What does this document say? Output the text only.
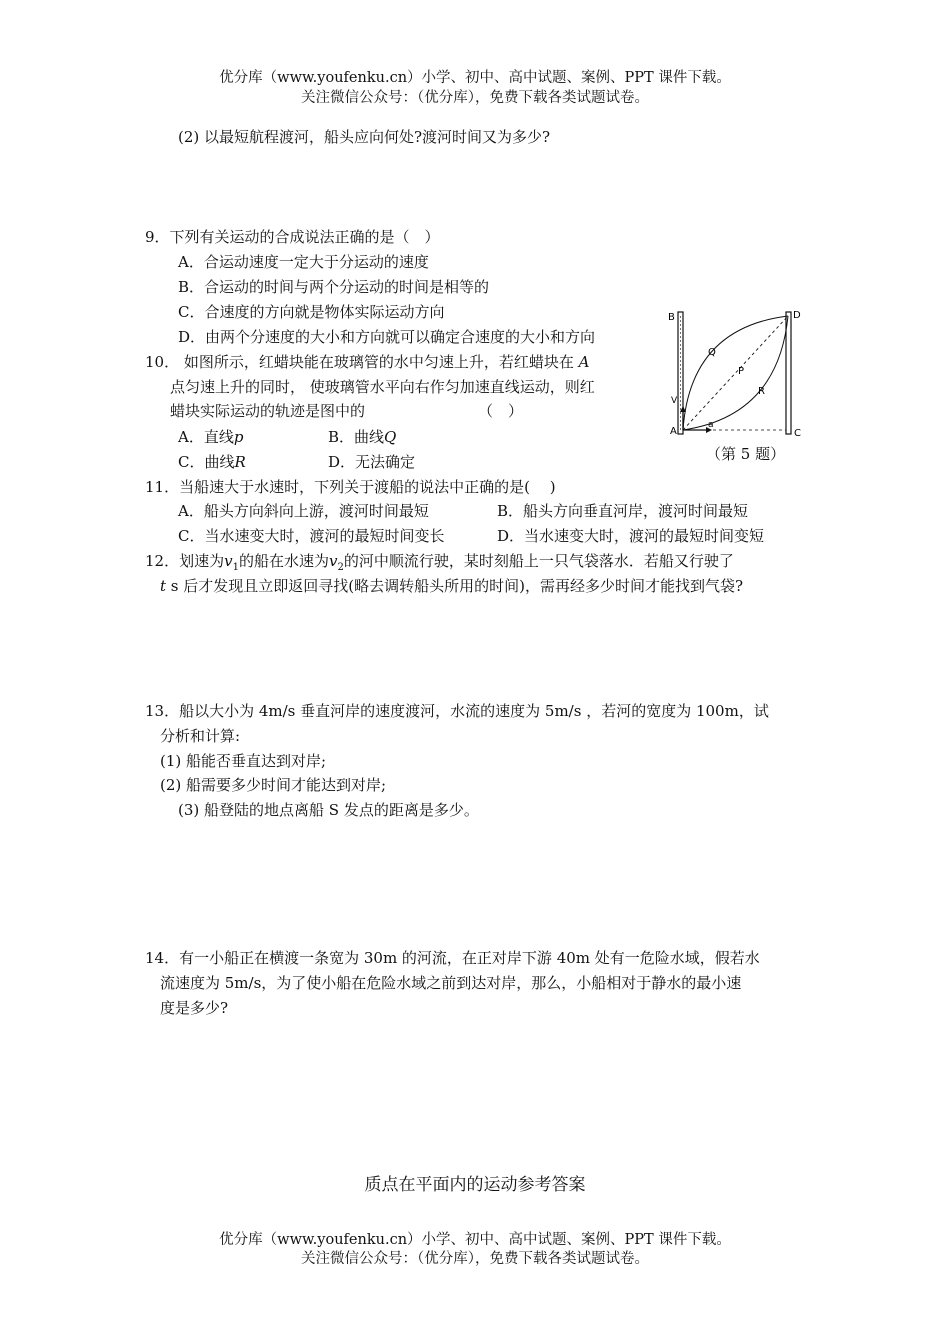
优分库（www.youfenku.cn）小学、初中、高中试题、案例、PPT 课件下载。
关注微信公众号：（优分库），免费下载各类试题试卷。
(2) 以最短航程渡河，船头应向何处?渡河时间又为多少?
9．下列有关运动的合成说法正确的是（　）
A．合运动速度一定大于分运动的速度
B．合运动的时间与两个分运动的时间是相等的
C．合速度的方向就是物体实际运动方向
D．由两个分速度的大小和方向就可以确定合速度的大小和方向
10． 如图所示，红蜡块能在玻璃管的水中匀速上升，若红蜡块在 A
点匀速上升的同时， 使玻璃管水平向右作匀加速直线运动，则红
蜡块实际运动的轨迹是图中的	（　）
A．直线p	B．曲线Q
C．曲线R	D．无法确定
B	D
Q
P
R
V
A
a
C
（第 5 题）
11．当船速大于水速时，下列关于渡船的说法中正确的是(　 )
A．船头方向斜向上游，渡河时间最短	B．船头方向垂直河岸，渡河时间最短
C．当水速变大时，渡河的最短时间变长	D．当水速变大时，渡河的最短时间变短
12．划速为$v_1$的船在水速为$v_2$的河中顺流行驶，某时刻船上一只气袋落水．若船又行驶了
t s 后才发现且立即返回寻找(略去调转船头所用的时间)，需再经多少时间才能找到气袋?
13．船以大小为 4m/s 垂直河岸的速度渡河，水流的速度为 5m/s ，若河的宽度为 100m，试
分析和计算:
(1) 船能否垂直达到对岸;
(2) 船需要多少时间才能达到对岸;
(3) 船登陆的地点离船 S 发点的距离是多少。
14．有一小船正在横渡一条宽为 30m 的河流，在正对岸下游 40m 处有一危险水域，假若水
流速度为 5m/s，为了使小船在危险水域之前到达对岸，那么，小船相对于静水的最小速
度是多少?
质点在平面内的运动参考答案
优分库（www.youfenku.cn）小学、初中、高中试题、案例、PPT 课件下载。
关注微信公众号：（优分库），免费下载各类试题试卷。
